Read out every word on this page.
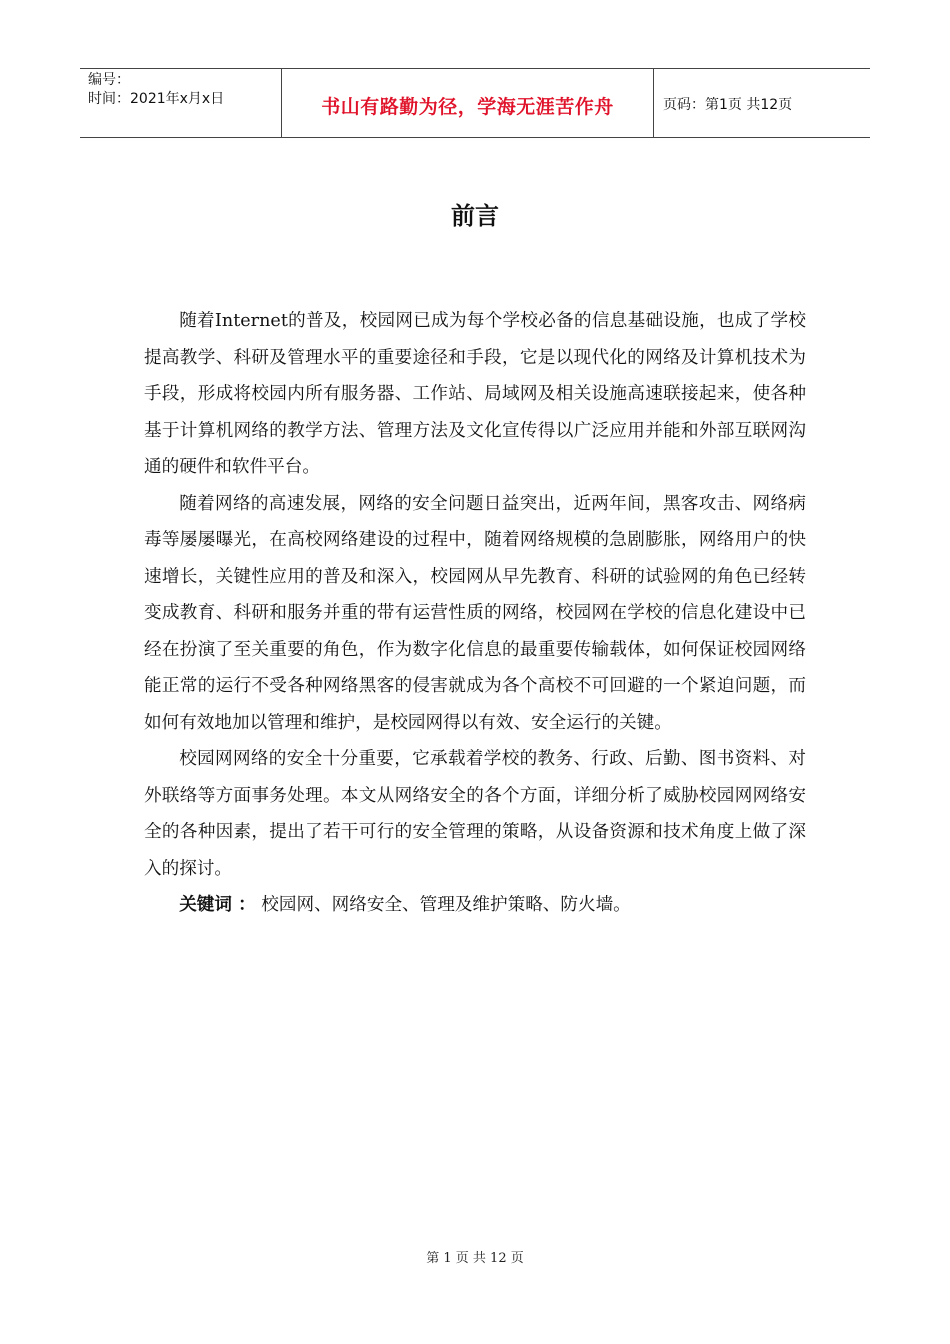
编号：
时间：2021年x月x日	书山有路勤为径，学海无涯苦作舟	页码：第1页 共12页
前言

随着Internet的普及，校园网已成为每个学校必备的信息基础设施，也成了学校提高教学、科研及管理水平的重要途径和手段，它是以现代化的网络及计算机技术为手段，形成将校园内所有服务器、工作站、局域网及相关设施高速联接起来，使各种基于计算机网络的教学方法、管理方法及文化宣传得以广泛应用并能和外部互联网沟通的硬件和软件平台。

随着网络的高速发展，网络的安全问题日益突出，近两年间，黑客攻击、网络病毒等屡屡曝光，在高校网络建设的过程中，随着网络规模的急剧膨胀，网络用户的快速增长，关键性应用的普及和深入，校园网从早先教育、科研的试验网的角色已经转变成教育、科研和服务并重的带有运营性质的网络，校园网在学校的信息化建设中已经在扮演了至关重要的角色，作为数字化信息的最重要传输载体，如何保证校园网络能正常的运行不受各种网络黑客的侵害就成为各个高校不可回避的一个紧迫问题，而如何有效地加以管理和维护，是校园网得以有效、安全运行的关键。

校园网网络的安全十分重要，它承载着学校的教务、行政、后勤、图书资料、对外联络等方面事务处理。本文从网络安全的各个方面，详细分析了威胁校园网网络安全的各种因素，提出了若干可行的安全管理的策略，从设备资源和技术角度上做了深入的探讨。

关键词 ： 校园网、网络安全、管理及维护策略、防火墙。

第 1 页 共 12 页
